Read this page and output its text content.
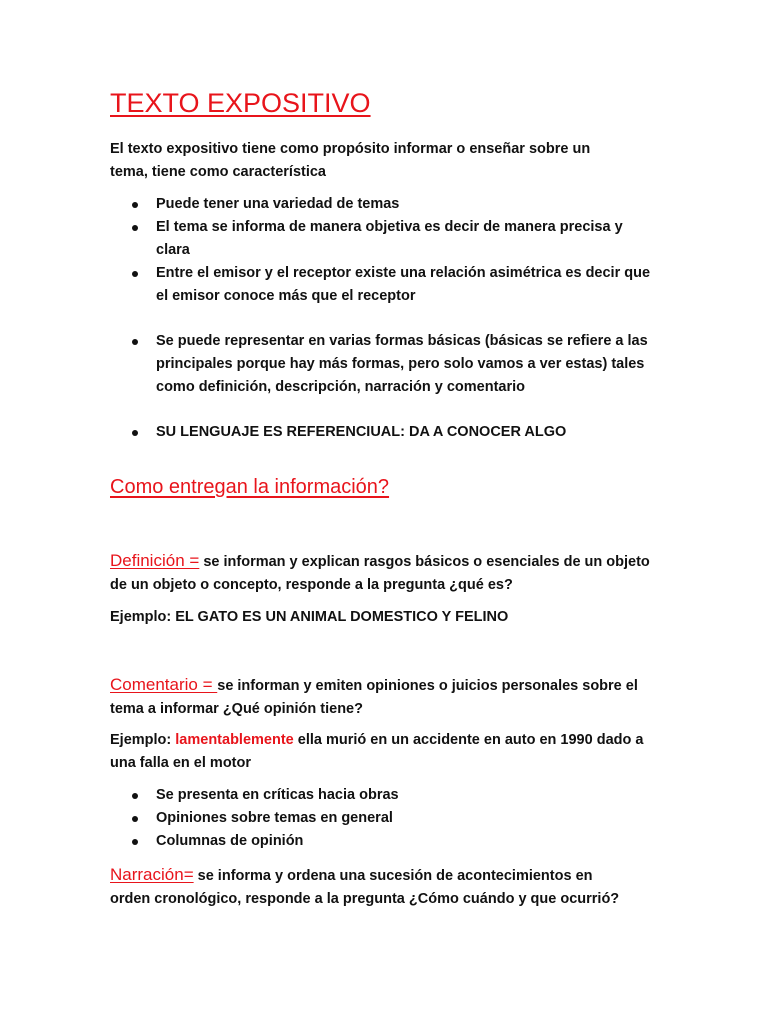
TEXTO EXPOSITIVO

El texto expositivo tiene como propósito informar o enseñar sobre un
tema, tiene como característica

Puede tener una variedad de temas
El tema se informa de manera objetiva es decir de manera precisa y clara
Entre el emisor y el receptor existe una relación asimétrica es decir que el emisor conoce más que el receptor
Se puede representar en varias formas básicas (básicas se refiere a las principales porque hay más formas, pero solo vamos a ver estas) tales como definición, descripción, narración y comentario
SU LENGUAJE ES REFERENCIUAL: DA A CONOCER ALGO
Como entregan la información?

Definición = se informan y explican rasgos básicos o esenciales de un objeto de un objeto o concepto, responde a la pregunta ¿qué es?

Ejemplo: EL GATO ES UN ANIMAL DOMESTICO Y FELINO

Comentario = se informan y emiten opiniones o juicios personales sobre el tema a informar ¿Qué opinión tiene?

Ejemplo: lamentablemente ella murió en un accidente en auto en 1990 dado a una falla en el motor

Se presenta en críticas hacia obras
Opiniones sobre temas en general
Columnas de opinión

Narración= se informa y ordena una sucesión de acontecimientos en orden cronológico, responde a la pregunta ¿Cómo cuándo y que ocurrió?
